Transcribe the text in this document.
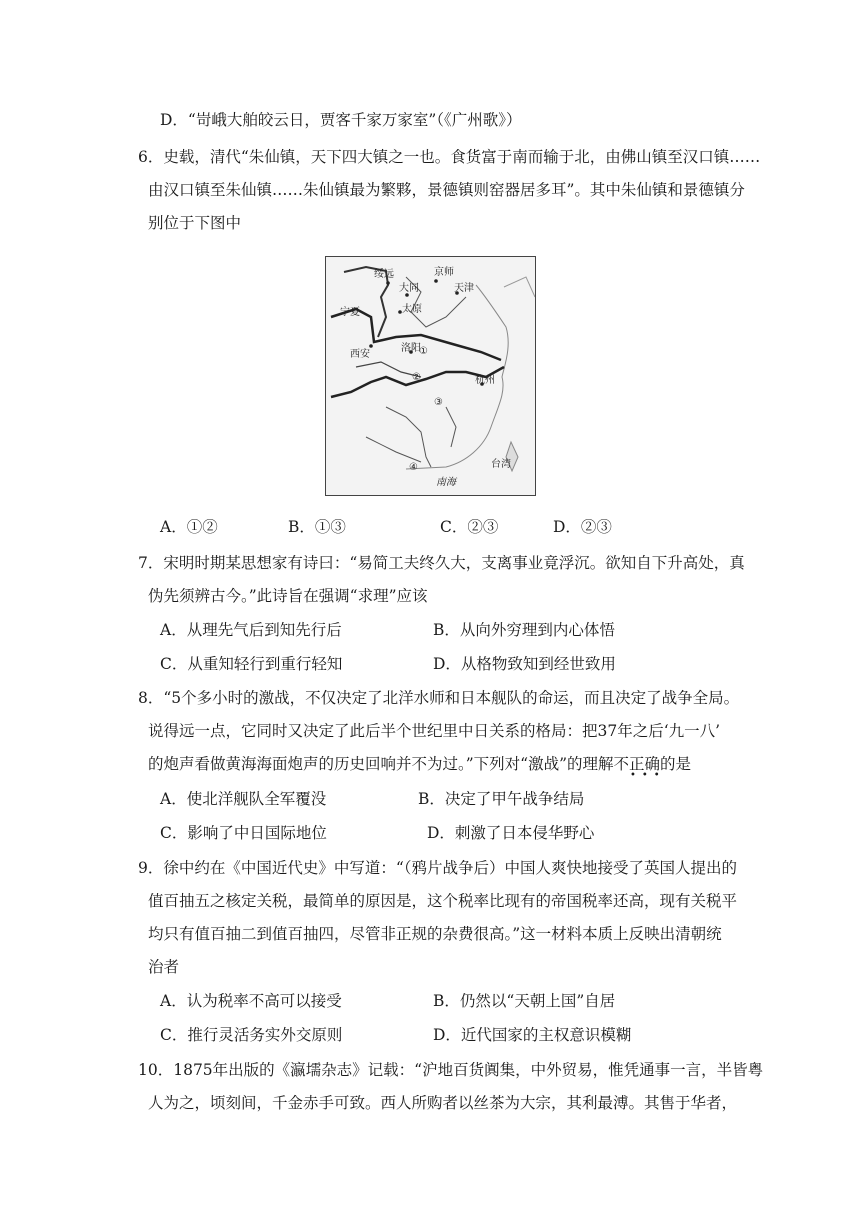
D．“岢峨大舶皎云日，贾客千家万家室”（《广州歌》）
6．史载，清代“朱仙镇，天下四大镇之一也。食货富于南而输于北，由佛山镇至汉口镇……
由汉口镇至朱仙镇……朱仙镇最为繁夥，景德镇则窑器居多耳”。其中朱仙镇和景德镇分
别位于下图中
绥远	京师
大同	天津
宁夏	太原
西安
洛阳
杭州
台湾
南海
①
②
③
④
A．①②	B．①③	C．②③	D．②③
7．宋明时期某思想家有诗曰：“易简工夫终久大，支离事业竟浮沉。欲知自下升高处，真
伪先须辨古今。”此诗旨在强调“求理”应该
A．从理先气后到知先行后	B．从向外穷理到内心体悟
C．从重知轻行到重行轻知	D．从格物致知到经世致用
8．“5个多小时的激战，不仅决定了北洋水师和日本舰队的命运，而且决定了战争全局。
说得远一点，它同时又决定了此后半个世纪里中日关系的格局：把37年之后‘九一八’
的炮声看做黄海海面炮声的历史回响并不为过。”下列对“激战”的理解不正确的是
•••
A．使北洋舰队全军覆没	B．决定了甲午战争结局
C．影响了中日国际地位	D．刺激了日本侵华野心
9．徐中约在《中国近代史》中写道：“（鸦片战争后）中国人爽快地接受了英国人提出的
值百抽五之核定关税，最简单的原因是，这个税率比现有的帝国税率还高，现有关税平
均只有值百抽二到值百抽四，尽管非正规的杂费很高。”这一材料本质上反映出清朝统
治者
A．认为税率不高可以接受	B．仍然以“天朝上国”自居
C．推行灵活务实外交原则	D．近代国家的主权意识模糊
10．1875年出版的《瀛壖杂志》记载：“沪地百货阗集，中外贸易，惟凭通事一言，半皆粤
人为之，顷刻间，千金赤手可致。西人所购者以丝茶为大宗，其利最溥。其售于华者，
